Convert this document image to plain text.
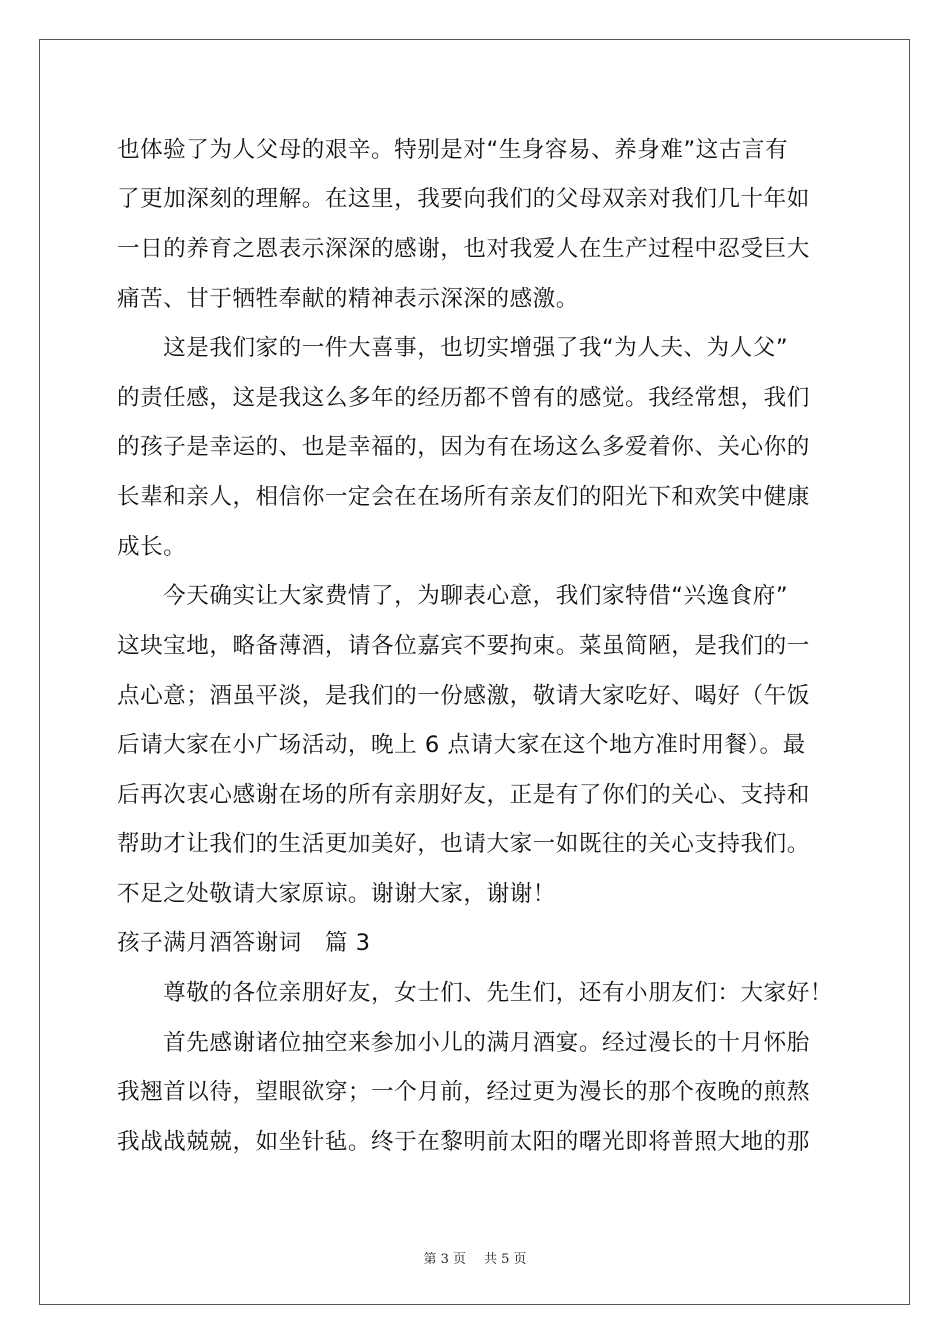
也体验了为人父母的艰辛。特别是对“生身容易、养身难”这古言有
了更加深刻的理解。在这里，我要向我们的父母双亲对我们几十年如
一日的养育之恩表示深深的感谢，也对我爱人在生产过程中忍受巨大
痛苦、甘于牺牲奉献的精神表示深深的感激。
　　这是我们家的一件大喜事，也切实增强了我“为人夫、为人父”
的责任感，这是我这么多年的经历都不曾有的感觉。我经常想，我们
的孩子是幸运的、也是幸福的，因为有在场这么多爱着你、关心你的
长辈和亲人，相信你一定会在在场所有亲友们的阳光下和欢笑中健康
成长。
　　今天确实让大家费情了，为聊表心意，我们家特借“兴逸食府”
这块宝地，略备薄酒，请各位嘉宾不要拘束。菜虽简陋，是我们的一
点心意；酒虽平淡，是我们的一份感激，敬请大家吃好、喝好（午饭
后请大家在小广场活动，晚上 6 点请大家在这个地方准时用餐）。最
后再次衷心感谢在场的所有亲朋好友，正是有了你们的关心、支持和
帮助才让我们的生活更加美好，也请大家一如既往的关心支持我们。
不足之处敬请大家原谅。谢谢大家，谢谢！
孩子满月酒答谢词　篇 3
　　尊敬的各位亲朋好友，女士们、先生们，还有小朋友们：大家好！
　　首先感谢诸位抽空来参加小儿的满月酒宴。经过漫长的十月怀胎
我翘首以待，望眼欲穿；一个月前，经过更为漫长的那个夜晚的煎熬
我战战兢兢，如坐针毡。终于在黎明前太阳的曙光即将普照大地的那
第 3 页 共 5 页
